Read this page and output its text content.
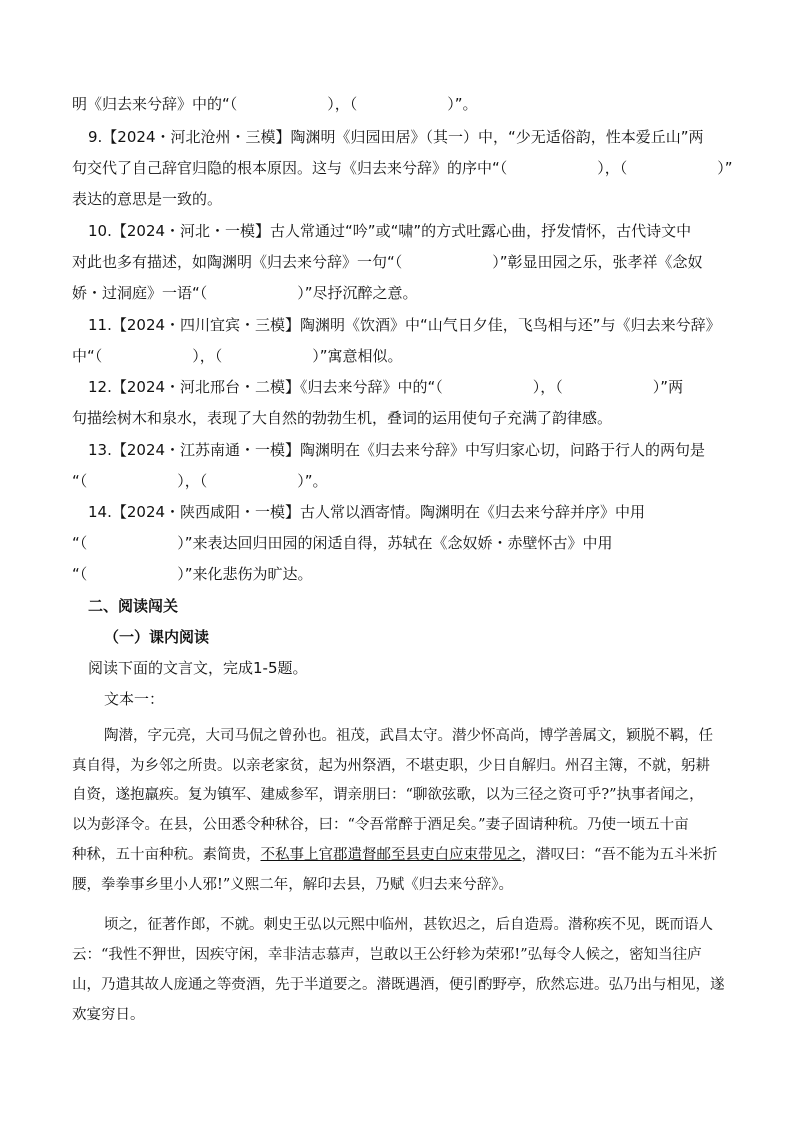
明《归去来兮辞》中的“（　　　　　　），（　　　　　　）”。
9.【2024・河北沧州・三模】陶渊明《归园田居》（其一）中，“少无适俗韵，性本爱丘山”两
句交代了自己辞官归隐的根本原因。这与《归去来兮辞》的序中“（　　　　　　），（　　　　　　）”
表达的意思是一致的。
10.【2024・河北・一模】古人常通过“吟”或“啸”的方式吐露心曲，抒发情怀，古代诗文中
对此也多有描述，如陶渊明《归去来兮辞》一句“（　　　　　　）”彰显田园之乐，张孝祥《念奴
娇・过洞庭》一语“（　　　　　　）”尽抒沉醉之意。
11.【2024・四川宜宾・三模】陶渊明《饮酒》中“山气日夕佳，飞鸟相与还”与《归去来兮辞》
中“（　　　　　　），（　　　　　　）”寓意相似。
12.【2024・河北邢台・二模】《归去来兮辞》中的“（　　　　　　），（　　　　　　）”两
句描绘树木和泉水，表现了大自然的勃勃生机，叠词的运用使句子充满了韵律感。
13.【2024・江苏南通・一模】陶渊明在《归去来兮辞》中写归家心切，问路于行人的两句是
“（　　　　　　），（　　　　　　）”。
14.【2024・陕西咸阳・一模】古人常以酒寄情。陶渊明在《归去来兮辞并序》中用
“（　　　　　　）”来表达回归田园的闲适自得，苏轼在《念奴娇・赤壁怀古》中用
“（　　　　　　）”来化悲伤为旷达。
二、阅读闯关
（一）课内阅读
阅读下面的文言文，完成1-5题。
文本一：
陶潜，字元亮，大司马侃之曾孙也。祖茂，武昌太守。潜少怀高尚，博学善属文，颖脱不羁，任
真自得，为乡邻之所贵。以亲老家贫，起为州祭酒，不堪吏职，少日自解归。州召主簿，不就，躬耕
自资，遂抱羸疾。复为镇军、建威参军，谓亲朋曰：“聊欲弦歌，以为三径之资可乎?”执事者闻之，
以为彭泽令。在县，公田悉令种秫谷，曰：“令吾常醉于酒足矣。”妻子固请种秔。乃使一顷五十亩
种秫，五十亩种秔。素简贵，不私事上官郡遣督邮至县吏白应束带见之，潜叹曰：“吾不能为五斗米折
腰，拳拳事乡里小人邪!”义熙二年，解印去县，乃赋《归去来兮辞》。
顷之，征著作郎，不就。刺史王弘以元熙中临州，甚钦迟之，后自造焉。潜称疾不见，既而语人
云：“我性不狎世，因疾守闲，幸非洁志慕声，岂敢以王公纡轸为荣邪!”弘每令人候之，密知当往庐
山，乃遣其故人庞通之等赍酒，先于半道要之。潜既遇酒，便引酌野亭，欣然忘进。弘乃出与相见，遂
欢宴穷日。
